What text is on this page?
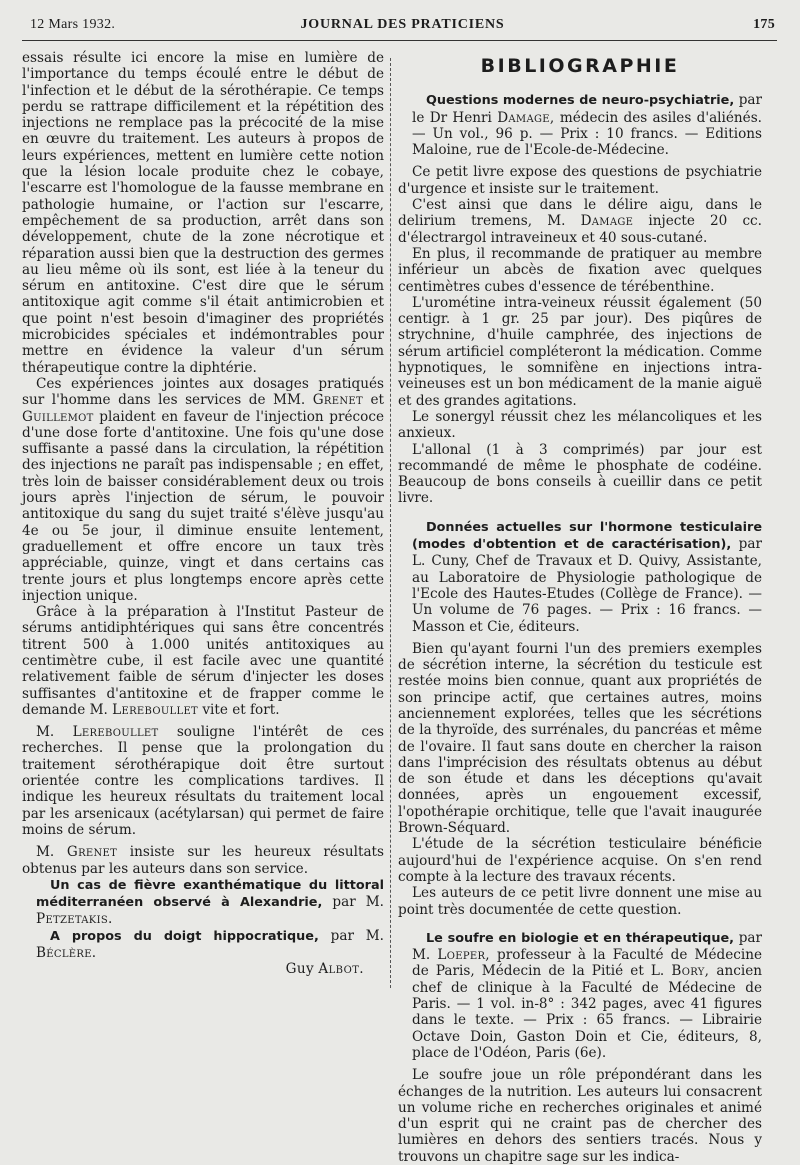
12 Mars 1932.	JOURNAL DES PRATICIENS	175

essais résulte ici encore la mise en lumière de l'importance du temps écoulé entre le début de l'infection et le début de la sérothérapie. Ce temps perdu se rattrape difficilement et la répétition des injections ne remplace pas la précocité de la mise en œuvre du traitement. Les auteurs à propos de leurs expériences, mettent en lumière cette notion que la lésion locale produite chez le cobaye, l'escarre est l'homologue de la fausse membrane en pathologie humaine, or l'action sur l'escarre, empêchement de sa production, arrêt dans son développement, chute de la zone nécrotique et réparation aussi bien que la destruction des germes au lieu même où ils sont, est liée à la teneur du sérum en antitoxine. C'est dire que le sérum antitoxique agit comme s'il était antimicrobien et que point n'est besoin d'imaginer des propriétés microbicides spéciales et indémontrables pour mettre en évidence la valeur d'un sérum thérapeutique contre la diphtérie.

Ces expériences jointes aux dosages pratiqués sur l'homme dans les services de MM. Grenet et Guillemot plaident en faveur de l'injection précoce d'une dose forte d'antitoxine. Une fois qu'une dose suffisante a passé dans la circulation, la répétition des injections ne paraît pas indispensable ; en effet, très loin de baisser considérablement deux ou trois jours après l'injection de sérum, le pouvoir antitoxique du sang du sujet traité s'élève jusqu'au 4e ou 5e jour, il diminue ensuite lentement, graduellement et offre encore un taux très appréciable, quinze, vingt et dans certains cas trente jours et plus longtemps encore après cette injection unique.

Grâce à la préparation à l'Institut Pasteur de sérums antidiphtériques qui sans être concentrés titrent 500 à 1.000 unités antitoxiques au centimètre cube, il est facile avec une quantité relativement faible de sérum d'injecter les doses suffisantes d'antitoxine et de frapper comme le demande M. Lereboullet vite et fort.

M. Lereboullet souligne l'intérêt de ces recherches. Il pense que la prolongation du traitement sérothérapique doit être surtout orientée contre les complications tardives. Il indique les heureux résultats du traitement local par les arsenicaux (acétylarsan) qui permet de faire moins de sérum.

M. Grenet insiste sur les heureux résultats obtenus par les auteurs dans son service.

Un cas de fièvre exanthématique du littoral méditerranéen observé à Alexandrie, par M. Petzetakis.

A propos du doigt hippocratique, par M. Béclère.

Guy Albot.

BIBLIOGRAPHIE

Questions modernes de neuro-psychiatrie, par le Dr Henri Damage, médecin des asiles d'aliénés. — Un vol., 96 p. — Prix : 10 francs. — Editions Maloine, rue de l'Ecole-de-Médecine.

Ce petit livre expose des questions de psychiatrie d'urgence et insiste sur le traitement.

C'est ainsi que dans le délire aigu, dans le delirium tremens, M. Damage injecte 20 cc. d'électrargol intraveineux et 40 sous-cutané.

En plus, il recommande de pratiquer au membre inférieur un abcès de fixation avec quelques centimètres cubes d'essence de térébenthine.

L'urométine intra-veineux réussit également (50 centigr. à 1 gr. 25 par jour). Des piqûres de strychnine, d'huile camphrée, des injections de sérum artificiel compléteront la médication. Comme hypnotiques, le somnifène en injections intra-veineuses est un bon médicament de la manie aiguë et des grandes agitations.

Le sonergyl réussit chez les mélancoliques et les anxieux.

L'allonal (1 à 3 comprimés) par jour est recommandé de même le phosphate de codéine. Beaucoup de bons conseils à cueillir dans ce petit livre.

Données actuelles sur l'hormone testiculaire (modes d'obtention et de caractérisation), par L. Cuny, Chef de Travaux et D. Quivy, Assistante, au Laboratoire de Physiologie pathologique de l'Ecole des Hautes-Etudes (Collège de France). — Un volume de 76 pages. — Prix : 16 francs. — Masson et Cie, éditeurs.

Bien qu'ayant fourni l'un des premiers exemples de sécrétion interne, la sécrétion du testicule est restée moins bien connue, quant aux propriétés de son principe actif, que certaines autres, moins anciennement explorées, telles que les sécrétions de la thyroïde, des surrénales, du pancréas et même de l'ovaire. Il faut sans doute en chercher la raison dans l'imprécision des résultats obtenus au début de son étude et dans les déceptions qu'avait données, après un engouement excessif, l'opothérapie orchitique, telle que l'avait inaugurée Brown-Séquard.

L'étude de la sécrétion testiculaire bénéficie aujourd'hui de l'expérience acquise. On s'en rend compte à la lecture des travaux récents.

Les auteurs de ce petit livre donnent une mise au point très documentée de cette question.

Le soufre en biologie et en thérapeutique, par M. Loeper, professeur à la Faculté de Médecine de Paris, Médecin de la Pitié et L. Bory, ancien chef de clinique à la Faculté de Médecine de Paris. — 1 vol. in-8° : 342 pages, avec 41 figures dans le texte. — Prix : 65 francs. — Librairie Octave Doin, Gaston Doin et Cie, éditeurs, 8, place de l'Odéon, Paris (6e).

Le soufre joue un rôle prépondérant dans les échanges de la nutrition. Les auteurs lui consacrent un volume riche en recherches originales et animé d'un esprit qui ne craint pas de chercher des lumières en dehors des sentiers tracés. Nous y trouvons un chapitre sage sur les indica-
